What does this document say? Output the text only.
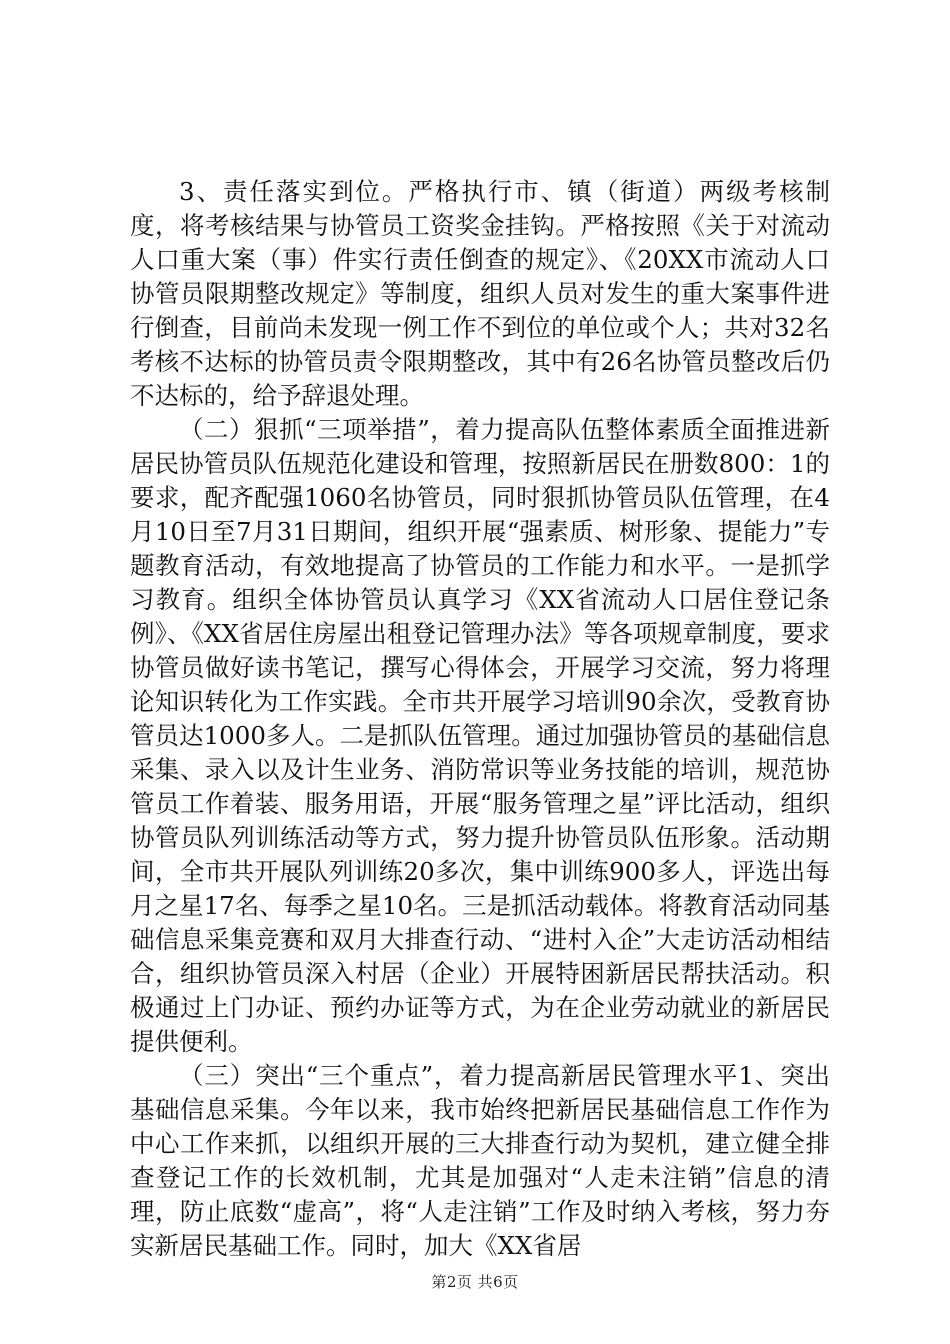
3、责任落实到位。严格执行市、镇（街道）两级考核制度，将考核结果与协管员工资奖金挂钩。严格按照《关于对流动人口重大案（事）件实行责任倒查的规定》、《20XX市流动人口协管员限期整改规定》等制度，组织人员对发生的重大案事件进行倒查，目前尚未发现一例工作不到位的单位或个人；共对32名考核不达标的协管员责令限期整改，其中有26名协管员整改后仍不达标的，给予辞退处理。

（二）狠抓“三项举措”，着力提高队伍整体素质全面推进新居民协管员队伍规范化建设和管理，按照新居民在册数800：1的要求，配齐配强1060名协管员，同时狠抓协管员队伍管理，在4月10日至7月31日期间，组织开展“强素质、树形象、提能力”专题教育活动，有效地提高了协管员的工作能力和水平。一是抓学习教育。组织全体协管员认真学习《XX省流动人口居住登记条例》、《XX省居住房屋出租登记管理办法》等各项规章制度，要求协管员做好读书笔记，撰写心得体会，开展学习交流，努力将理论知识转化为工作实践。全市共开展学习培训90余次，受教育协管员达1000多人。二是抓队伍管理。通过加强协管员的基础信息采集、录入以及计生业务、消防常识等业务技能的培训，规范协管员工作着装、服务用语，开展“服务管理之星”评比活动，组织协管员队列训练活动等方式，努力提升协管员队伍形象。活动期间，全市共开展队列训练20多次，集中训练900多人，评选出每月之星17名、每季之星10名。三是抓活动载体。将教育活动同基础信息采集竞赛和双月大排查行动、“进村入企”大走访活动相结合，组织协管员深入村居（企业）开展特困新居民帮扶活动。积极通过上门办证、预约办证等方式，为在企业劳动就业的新居民提供便利。

（三）突出“三个重点”，着力提高新居民管理水平1、突出基础信息采集。今年以来，我市始终把新居民基础信息工作作为中心工作来抓，以组织开展的三大排查行动为契机，建立健全排查登记工作的长效机制，尤其是加强对“人走未注销”信息的清理，防止底数“虚高”，将“人走注销”工作及时纳入考核，努力夯实新居民基础工作。同时，加大《XX省居

第2页 共6页
